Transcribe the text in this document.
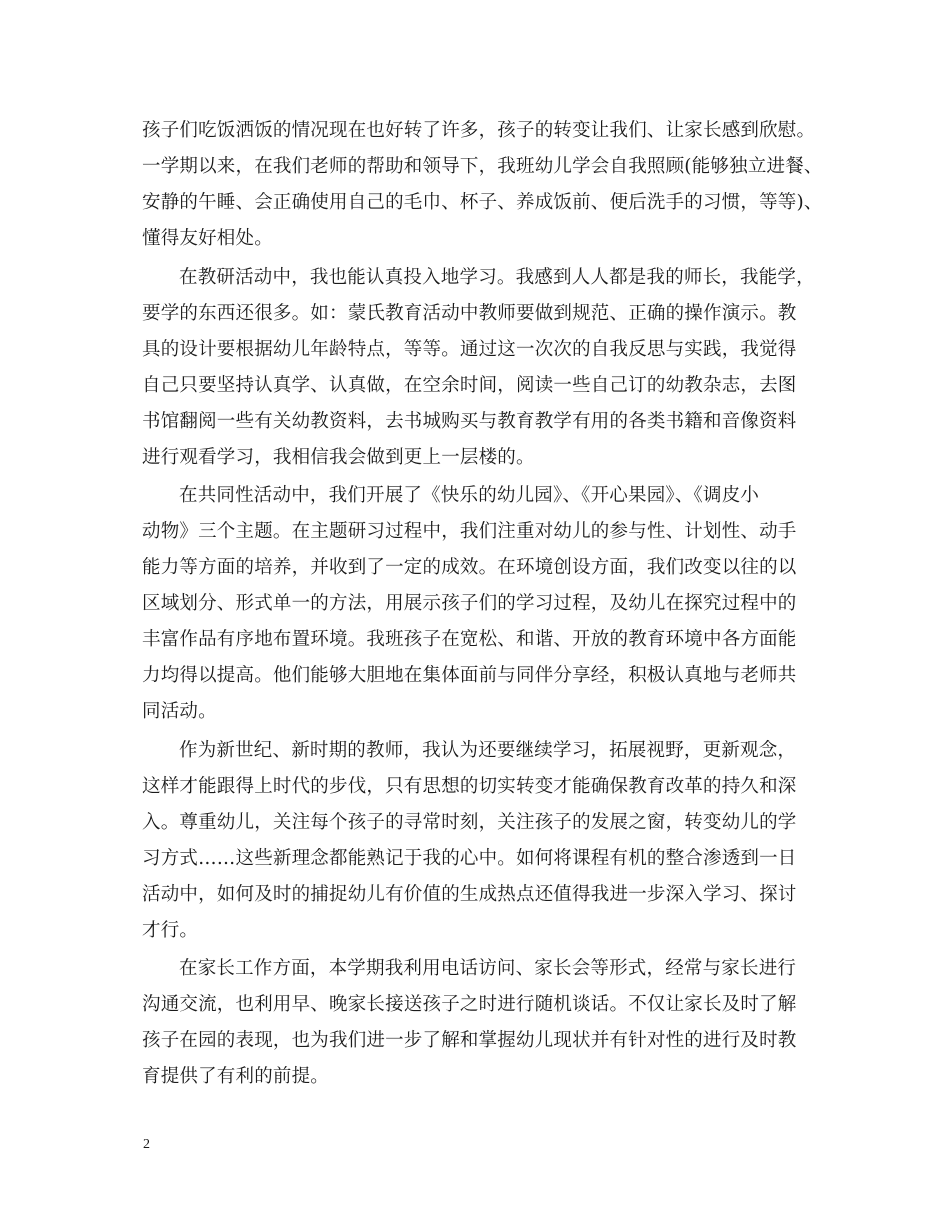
孩子们吃饭洒饭的情况现在也好转了许多，孩子的转变让我们、让家长感到欣慰。
一学期以来，在我们老师的帮助和领导下，我班幼儿学会自我照顾(能够独立进餐、
安静的午睡、会正确使用自己的毛巾、杯子、养成饭前、便后洗手的习惯，等等)、
懂得友好相处。
在教研活动中，我也能认真投入地学习。我感到人人都是我的师长，我能学，
要学的东西还很多。如：蒙氏教育活动中教师要做到规范、正确的操作演示。教
具的设计要根据幼儿年龄特点，等等。通过这一次次的自我反思与实践，我觉得
自己只要坚持认真学、认真做，在空余时间，阅读一些自己订的幼教杂志，去图
书馆翻阅一些有关幼教资料，去书城购买与教育教学有用的各类书籍和音像资料
进行观看学习，我相信我会做到更上一层楼的。
在共同性活动中，我们开展了《快乐的幼儿园》、《开心果园》、《调皮小
动物》三个主题。在主题研习过程中，我们注重对幼儿的参与性、计划性、动手
能力等方面的培养，并收到了一定的成效。在环境创设方面，我们改变以往的以
区域划分、形式单一的方法，用展示孩子们的学习过程，及幼儿在探究过程中的
丰富作品有序地布置环境。我班孩子在宽松、和谐、开放的教育环境中各方面能
力均得以提高。他们能够大胆地在集体面前与同伴分享经，积极认真地与老师共
同活动。
作为新世纪、新时期的教师，我认为还要继续学习，拓展视野，更新观念，
这样才能跟得上时代的步伐，只有思想的切实转变才能确保教育改革的持久和深
入。尊重幼儿，关注每个孩子的寻常时刻，关注孩子的发展之窗，转变幼儿的学
习方式……这些新理念都能熟记于我的心中。如何将课程有机的整合渗透到一日
活动中，如何及时的捕捉幼儿有价值的生成热点还值得我进一步深入学习、探讨
才行。
在家长工作方面，本学期我利用电话访问、家长会等形式，经常与家长进行
沟通交流，也利用早、晚家长接送孩子之时进行随机谈话。不仅让家长及时了解
孩子在园的表现，也为我们进一步了解和掌握幼儿现状并有针对性的进行及时教
育提供了有利的前提。
2
